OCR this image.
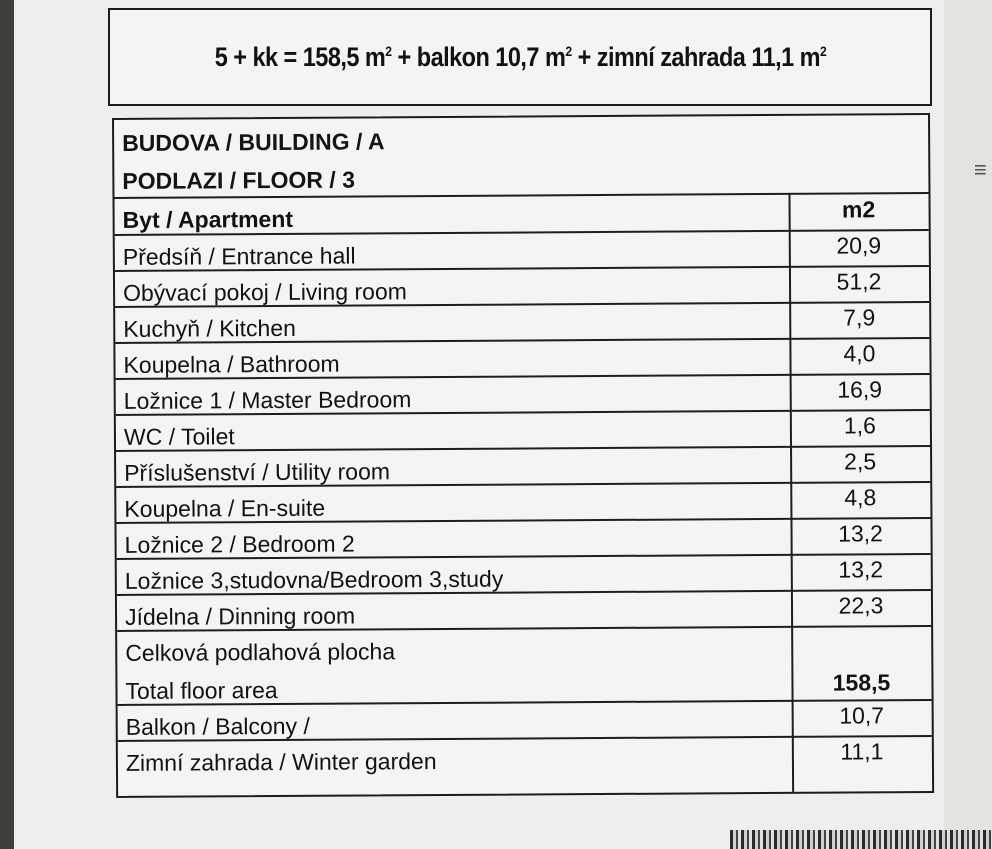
5 + kk = 158,5 $m^2$ + balkon 10,7 $m^2$ + zimní zahrada 11,1 $m^2$
BUDOVA / BUILDING / A
PODLAZI / FLOOR / 3
Byt / Apartment	m2
Předsíň / Entrance hall	20,9
Obývací pokoj / Living room	51,2
Kuchyň / Kitchen	7,9
Koupelna / Bathroom	4,0
Ložnice 1 / Master Bedroom	16,9
WC / Toilet	1,6
Příslušenství / Utility room	2,5
Koupelna / En-suite	4,8
Ložnice 2 / Bedroom 2	13,2
Ložnice 3,studovna/Bedroom 3,study	13,2
Jídelna / Dinning room	22,3
Celková podlahová plocha
Total floor area	158,5
Balkon / Balcony /	10,7
Zimní zahrada / Winter garden	11,1
≡
